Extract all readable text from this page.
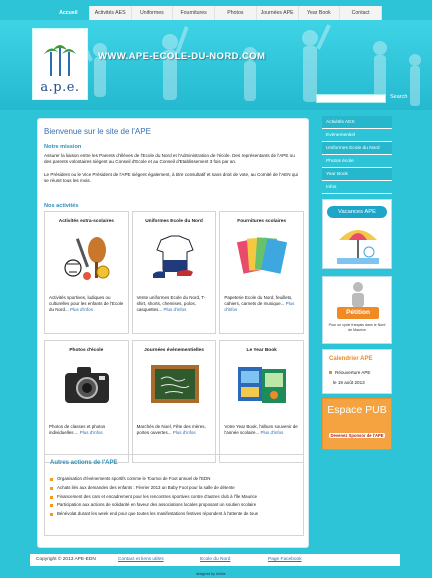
Accueil	Activités AES	Uniformes	Fournitures	Photos	Journées APE	Year Book	Contact
a.p.e.
WWW.APE-ECOLE-DU-NORD.COM
Search
Bienvenue sur le site de l'APE
Notre mission
Assurer la liaison entre les Parents d'élèves de l'Ecole du Nord et l'Administration de l'école. Des représentants de l'APE ou des parents volontaires siègent au Conseil d'Ecole et au Conseil d'Etablissement 3 fois par an.
Le Président ou le Vice Président de l'APE siègent également, à titre consultatif et sans droit de vote, au Comité de l'AEN qui se réunit tous les mois.
Nos activités
Activités extra-scolaires
Activités sportives, ludiques ou culturelles pour les enfants de l'Ecole du Nord... Plus d'infos
Uniformes Ecole du Nord
Vente uniformes Ecole du Nord, T-shirt, shorts, chemises, polos, casquettes... Plus d'infos
Fournitures scolaires
Papeterie Ecole du Nord, feuillets, cahiers, carnets de musique... Plus d'infos
Photos d'école
Photos de classes et photos individuelles ... Plus d'infos
Journées évènementielles
Marchés de Noel, Fête des mères, portes ouvertes... Plus d'infos
Le Year Book
Votre Year Book, l'album souvenir de l'année scolaire... Plus d'infos
Autres actions de l'APE
Organisation d'évènements sportifs comme le Tournoi de Foot annuel de l'EDN
Achats liés aux demandes des enfants : Février 2013 un Baby Foot pour la salle de détente
Financement des cars et encadrement pour les rencontres sportives contre d'autres club à l'île Maurice
Participation aux actions de solidarité en faveur des associations locales proposant un soutien scolaire
Bénévolat durant les week end pour que toutes les manifestations festives répondent à l'attente de tous
Activités AES
Evènementiel
Uniformes Ecole du Nord
Photos école
Year Book
Infos
Vacances APE
Pétition
Pour un cycle français dans le Nord de Maurice
Calendrier APE
Réouverture APE
le 19 août 2013
Espace PUB
Devenez Sponsor de l'APE
Copyright © 2013 APE-EDN	Contact et liens utiles	Ecole du Nord	Page Facebook
designed by Unlike
